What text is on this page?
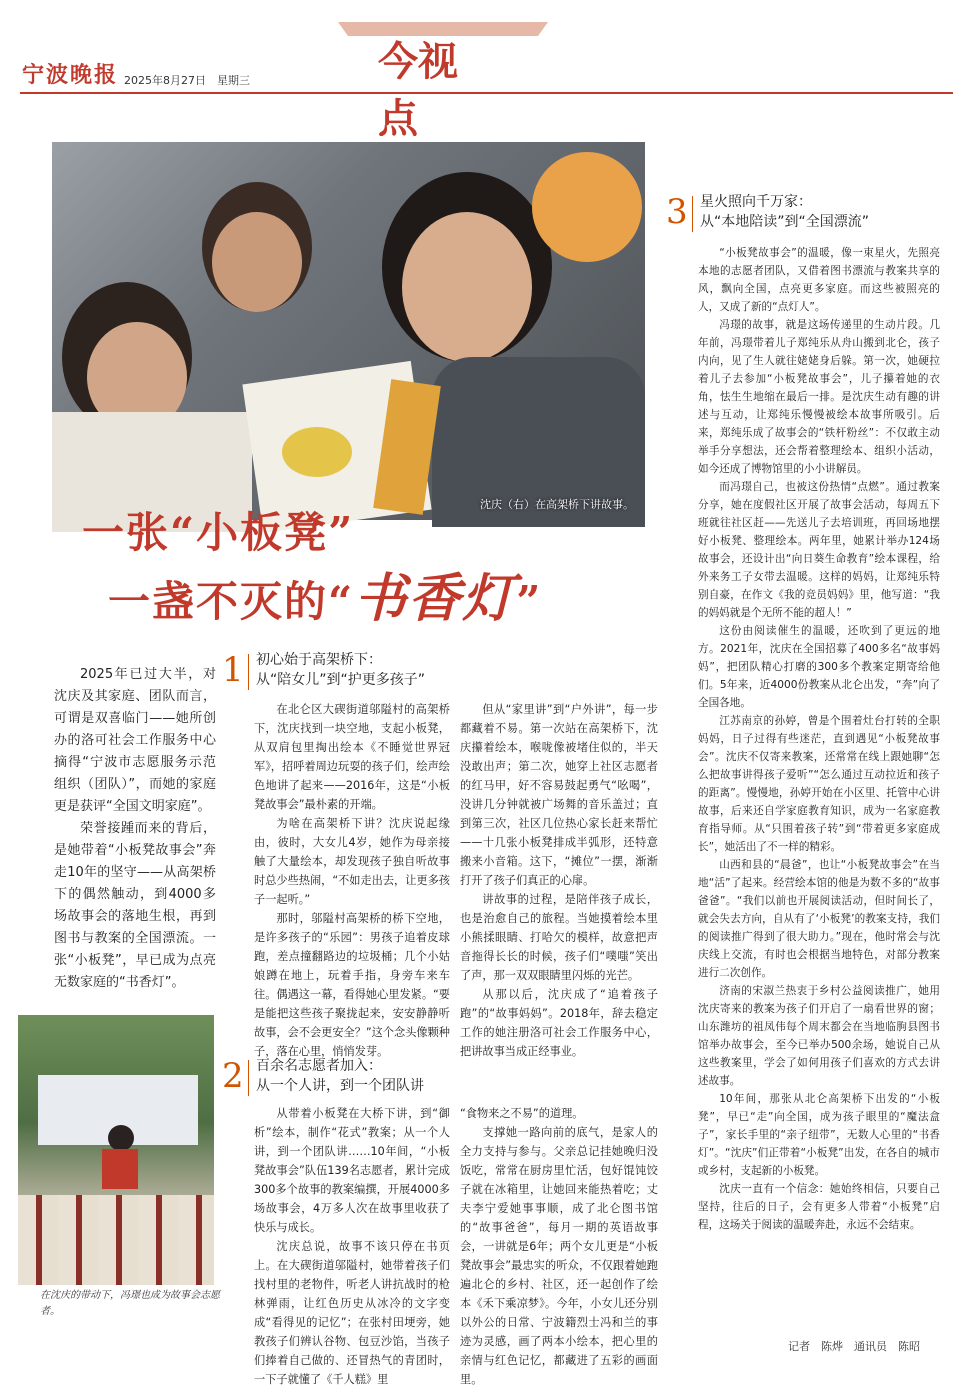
宁波晚报 2025年8月27日　星期三	今视点
沈庆（右）在高架桥下讲故事。
一张“小板凳”
一盏不灭的“书香灯”

2025年已过大半，对沈庆及其家庭、团队而言，可谓是双喜临门——她所创办的洛可社会工作服务中心摘得“宁波市志愿服务示范组织（团队）”，而她的家庭更是获评“全国文明家庭”。

荣誉接踵而来的背后，是她带着“小板凳故事会”奔走10年的坚守——从高架桥下的偶然触动，到4000多场故事会的落地生根，再到图书与教案的全国漂流。一张“小板凳”，早已成为点亮无数家庭的“书香灯”。

在沈庆的带动下，冯璟也成为故事会志愿者。
1 初心始于高架桥下：
从“陪女儿”到“护更多孩子”

在北仑区大碶街道邬隘村的高架桥下，沈庆找到一块空地，支起小板凳，从双肩包里掏出绘本《不睡觉世界冠军》，招呼着周边玩耍的孩子们，绘声绘色地讲了起来——2016年，这是“小板凳故事会”最朴素的开端。

为啥在高架桥下讲？沈庆说起缘由，彼时，大女儿4岁，她作为母亲接触了大量绘本，却发现孩子独自听故事时总少些热闹，“不如走出去，让更多孩子一起听。”

那时，邬隘村高架桥的桥下空地，是许多孩子的“乐园”：男孩子追着皮球跑，差点撞翻路边的垃圾桶；几个小姑娘蹲在地上，玩着手指，身旁车来车往。偶遇这一幕，看得她心里发紧。“要是能把这些孩子聚拢起来，安安静静听故事，会不会更安全？”这个念头像颗种子，落在心里，悄悄发芽。

但从“家里讲”到“户外讲”，每一步都藏着不易。第一次站在高架桥下，沈庆攥着绘本，喉咙像被堵住似的，半天没敢出声；第二次，她穿上社区志愿者的红马甲，好不容易鼓起勇气“吆喝”，没讲几分钟就被广场舞的音乐盖过；直到第三次，社区几位热心家长赶来帮忙——十几张小板凳排成半弧形，还特意搬来小音箱。这下，“摊位”一摆，渐渐打开了孩子们真正的心扉。

讲故事的过程，是陪伴孩子成长，也是治愈自己的旅程。当她摸着绘本里小熊揉眼睛、打哈欠的模样，故意把声音拖得长长的时候，孩子们“噗嗤”笑出了声，那一双双眼睛里闪烁的光芒。

从那以后，沈庆成了“追着孩子跑”的“故事妈妈”。2018年，辞去稳定工作的她注册洛可社会工作服务中心，把讲故事当成正经事业。

2 百余名志愿者加入：
从一个人讲，到一个团队讲

从带着小板凳在大桥下讲，到“御析”绘本，制作“花式”教案；从一个人讲，到一个团队讲……10年间，“小板凳故事会”队伍139名志愿者，累计完成300多个故事的教案编撰，开展4000多场故事会，4万多人次在故事里收获了快乐与成长。

沈庆总说，故事不该只停在书页上。在大碶街道邬隘村，她带着孩子们找村里的老物件，听老人讲抗战时的枪林弹雨，让红色历史从冰冷的文字变成“看得见的记忆”；在张村田埂旁，她教孩子们辨认谷物、包豆沙馅，当孩子们捧着自己做的、还冒热气的青团时，一下子就懂了《千人糕》里

“食物来之不易”的道理。

支撑她一路向前的底气，是家人的全力支持与参与。父亲总记挂她晚归没饭吃，常常在厨房里忙活，包好馄饨饺子就在冰箱里，让她回来能热着吃；丈夫李宁爱她事事顺，成了北仑图书馆的“故事爸爸”，每月一期的英语故事会，一讲就是6年；两个女儿更是“小板凳故事会”最忠实的听众，不仅跟着她跑遍北仑的乡村、社区，还一起创作了绘本《禾下乘凉梦》。今年，小女儿还分别以外公的日常、宁波籍烈士冯和兰的事迹为灵感，画了两本小绘本，把心里的亲情与红色记忆，都藏进了五彩的画面里。

3 星火照向千万家：
从“本地陪读”到“全国漂流”

“小板凳故事会”的温暖，像一束星火，先照亮本地的志愿者团队，又借着图书漂流与教案共享的风，飘向全国，点亮更多家庭。而这些被照亮的人，又成了新的“点灯人”。

冯璟的故事，就是这场传递里的生动片段。几年前，冯璟带着儿子郑纯乐从舟山搬到北仑，孩子内向，见了生人就往姥姥身后躲。第一次，她硬拉着儿子去参加“小板凳故事会”，儿子攥着她的衣角，怯生生地缩在最后一排。是沈庆生动有趣的讲述与互动，让郑纯乐慢慢被绘本故事所吸引。后来，郑纯乐成了故事会的“铁杆粉丝”：不仅敢主动举手分享想法，还会帮着整理绘本、组织小活动，如今还成了博物馆里的小小讲解员。

而冯璟自己，也被这份热情“点燃”。通过教案分享，她在度假社区开展了故事会活动，每周五下班就往社区赶——先送儿子去培训班，再回场地摆好小板凳、整理绘本。两年里，她累计举办124场故事会，还设计出“向日葵生命教育”绘本课程，给外来务工子女带去温暖。这样的妈妈，让郑纯乐特别自豪，在作文《我的竞员妈妈》里，他写道：“我的妈妈就是个无所不能的超人！”

这份由阅读催生的温暖，还吹到了更远的地方。2021年，沈庆在全国招募了400多名“故事妈妈”，把团队精心打磨的300多个教案定期寄给他们。5年来，近4000份教案从北仑出发，“奔”向了全国各地。

江苏南京的孙婷，曾是个围着灶台打转的全职妈妈，日子过得有些迷茫，直到遇见“小板凳故事会”。沈庆不仅寄来教案，还常常在线上跟她聊“怎么把故事讲得孩子爱听”“怎么通过互动拉近和孩子的距离”。慢慢地，孙婷开始在小区里、托管中心讲故事，后来还自学家庭教育知识，成为一名家庭教育指导师。从“只围着孩子转”到“带着更多家庭成长”，她活出了不一样的精彩。

山西和县的“晨爸”，也让“小板凳故事会”在当地“活”了起来。经营绘本馆的他是为数不多的“故事爸爸”。“我们以前也开展阅读活动，但时间长了，就会失去方向，自从有了‘小板凳’的教案支持，我们的阅读推广得到了很大助力。”现在，他时常会与沈庆线上交流，有时也会根据当地特色，对部分教案进行二次创作。

济南的宋淑兰热衷于乡村公益阅读推广，她用沈庆寄来的教案为孩子们开启了一扇看世界的窗；山东潍坊的祖凤伟每个周末都会在当地临朐县图书馆举办故事会，至今已举办500余场，她说自己从这些教案里，学会了如何用孩子们喜欢的方式去讲述故事。

10年间，那张从北仑高架桥下出发的“小板凳”，早已“走”向全国，成为孩子眼里的“魔法盒子”，家长手里的“亲子纽带”，无数人心里的“书香灯”。“沈庆”们正带着“小板凳”出发，在各自的城市或乡村，支起新的小板凳。

沈庆一直有一个信念：她始终相信，只要自己坚持，往后的日子，会有更多人带着“小板凳”启程，这场关于阅读的温暖奔赴，永远不会结束。

记者　陈烨　通讯员　陈昭
